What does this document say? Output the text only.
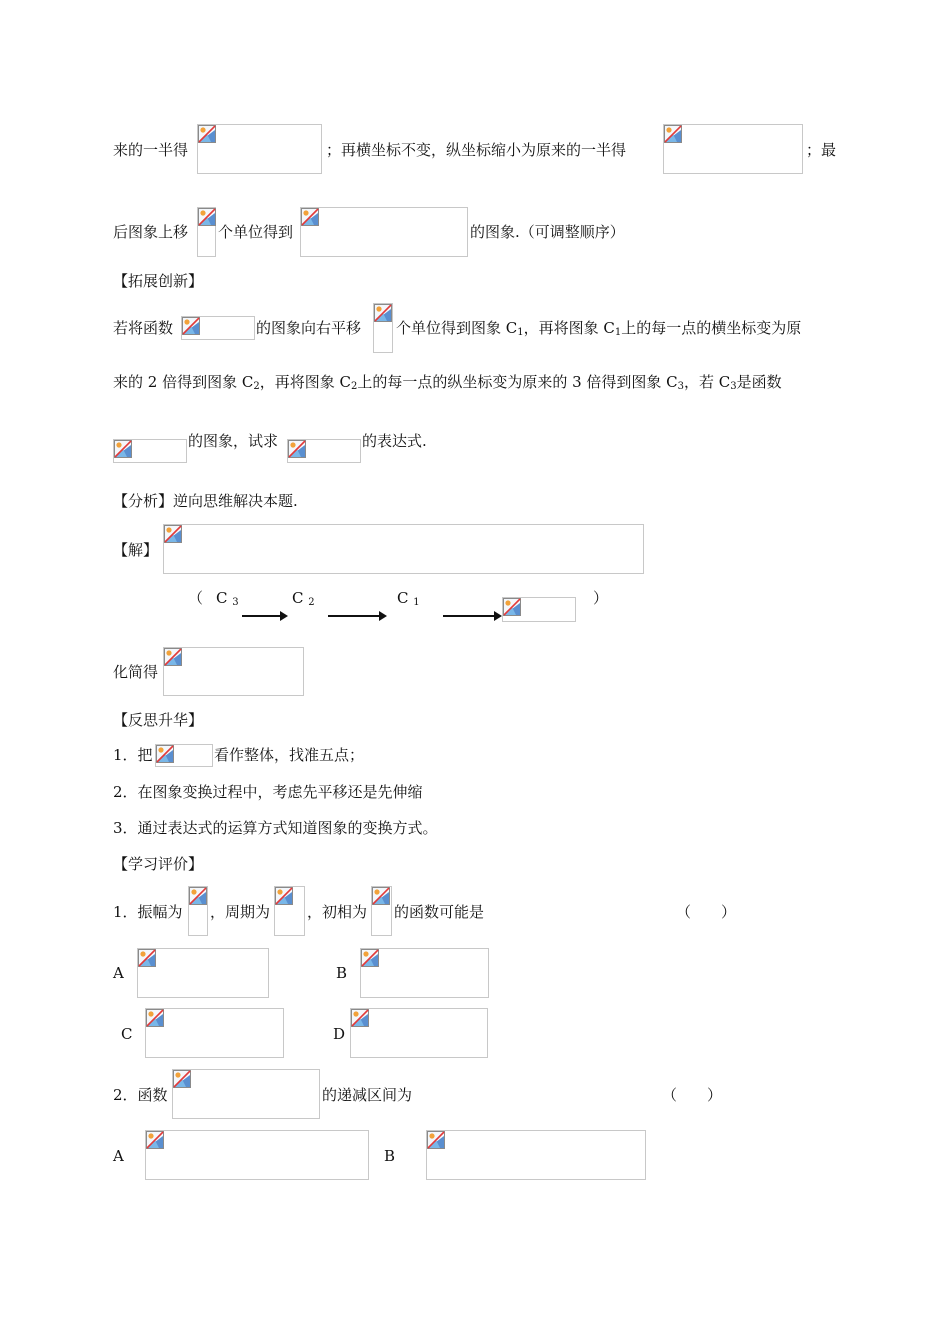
来的一半得	；再横坐标不变，纵坐标缩小为原来的一半得	；最
后图象上移 个单位得到	的图象.（可调整顺序）
【拓展创新】
若将函数	的图象向右平移 个单位得到图象 $C_1$，再将图象 $C_1$上的每一点的横坐标变为原
来的 2 倍得到图象 $C_2$，再将图象 $C_2$上的每一点的纵坐标变为原来的 3 倍得到图象 $C_3$，若 $C_3$是函数
的图象，试求	的表达式.
【分析】逆向思维解决本题.
【解】
（ C $_3$	C $_2$	C $_1$	）
化简得
【反思升华】
1．把	看作整体，找准五点；
2．在图象变换过程中，考虑先平移还是先伸缩
3．通过表达式的运算方式知道图象的变换方式。
【学习评价】
1．振幅为 ，周期为 ，初相为 的函数可能是	（　　）
A	B
C	D
2．函数	的递减区间为	（　　）
A	B
